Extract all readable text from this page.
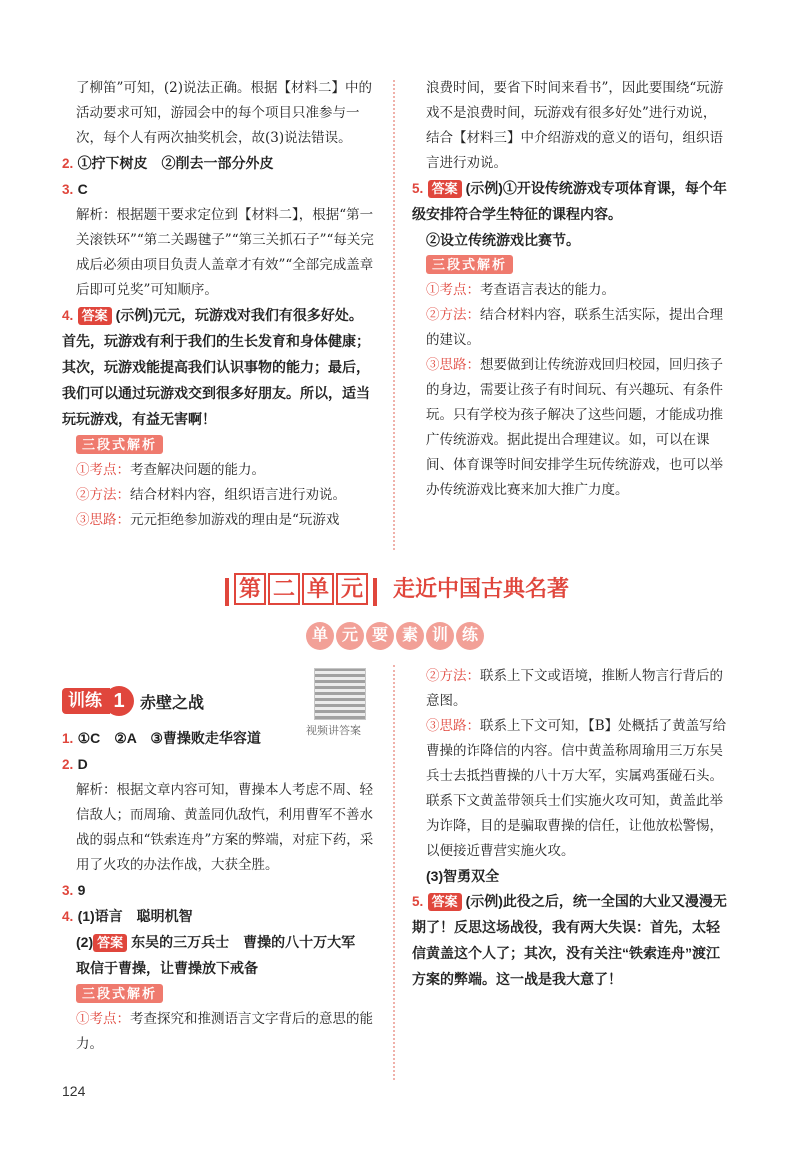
了柳笛”可知，(2)说法正确。根据【材料二】中的活动要求可知，游园会中的每个项目只准参与一次，每个人有两次抽奖机会，故(3)说法错误。

2. ①拧下树皮　②削去一部分外皮

3. C

解析：根据题干要求定位到【材料二】，根据“第一关滚铁环”“第二关踢毽子”“第三关抓石子”“每关完成后必须由项目负责人盖章才有效”“全部完成盖章后即可兑奖”可知顺序。

4. 答案 (示例)元元，玩游戏对我们有很多好处。首先，玩游戏有利于我们的生长发育和身体健康；其次，玩游戏能提高我们认识事物的能力；最后，我们可以通过玩游戏交到很多好朋友。所以，适当玩玩游戏，有益无害啊！

三段式解析

①考点：考查解决问题的能力。

②方法：结合材料内容，组织语言进行劝说。

③思路：元元拒绝参加游戏的理由是“玩游戏

浪费时间，要省下时间来看书”，因此要围绕“玩游戏不是浪费时间，玩游戏有很多好处”进行劝说，结合【材料三】中介绍游戏的意义的语句，组织语言进行劝说。

5. 答案 (示例)①开设传统游戏专项体育课，每个年级安排符合学生特征的课程内容。

②设立传统游戏比赛节。

三段式解析

①考点：考查语言表达的能力。

②方法：结合材料内容，联系生活实际，提出合理的建议。

③思路：想要做到让传统游戏回归校园，回归孩子的身边，需要让孩子有时间玩、有兴趣玩、有条件玩。只有学校为孩子解决了这些问题，才能成功推广传统游戏。据此提出合理建议。如，可以在课间、体育课等时间安排学生玩传统游戏，也可以举办传统游戏比赛来加大推广力度。

第 二 单 元 走近中国古典名著
单 元 要 素 训 练
训练 1 赤壁之战
视频讲答案

1. ①C　②A　③曹操败走华容道

2. D

解析：根据文章内容可知，曹操本人考虑不周、轻信敌人；而周瑜、黄盖同仇敌忾，利用曹军不善水战的弱点和“铁索连舟”方案的弊端，对症下药，采用了火攻的办法作战，大获全胜。

3. 9

4. (1)语言　聪明机智

(2) 答案 东吴的三万兵士　曹操的八十万大军　取信于曹操，让曹操放下戒备

三段式解析

①考点：考查探究和推测语言文字背后的意思的能力。

②方法：联系上下文或语境，推断人物言行背后的意图。

③思路：联系上下文可知，【B】处概括了黄盖写给曹操的诈降信的内容。信中黄盖称周瑜用三万东吴兵士去抵挡曹操的八十万大军，实属鸡蛋碰石头。联系下文黄盖带领兵士们实施火攻可知，黄盖此举为诈降，目的是骗取曹操的信任，让他放松警惕，以便接近曹营实施火攻。

(3)智勇双全

5. 答案 (示例)此役之后，统一全国的大业又漫漫无期了！反思这场战役，我有两大失误：首先，太轻信黄盖这个人了；其次，没有关注“铁索连舟”渡江方案的弊端。这一战是我大意了！

124
